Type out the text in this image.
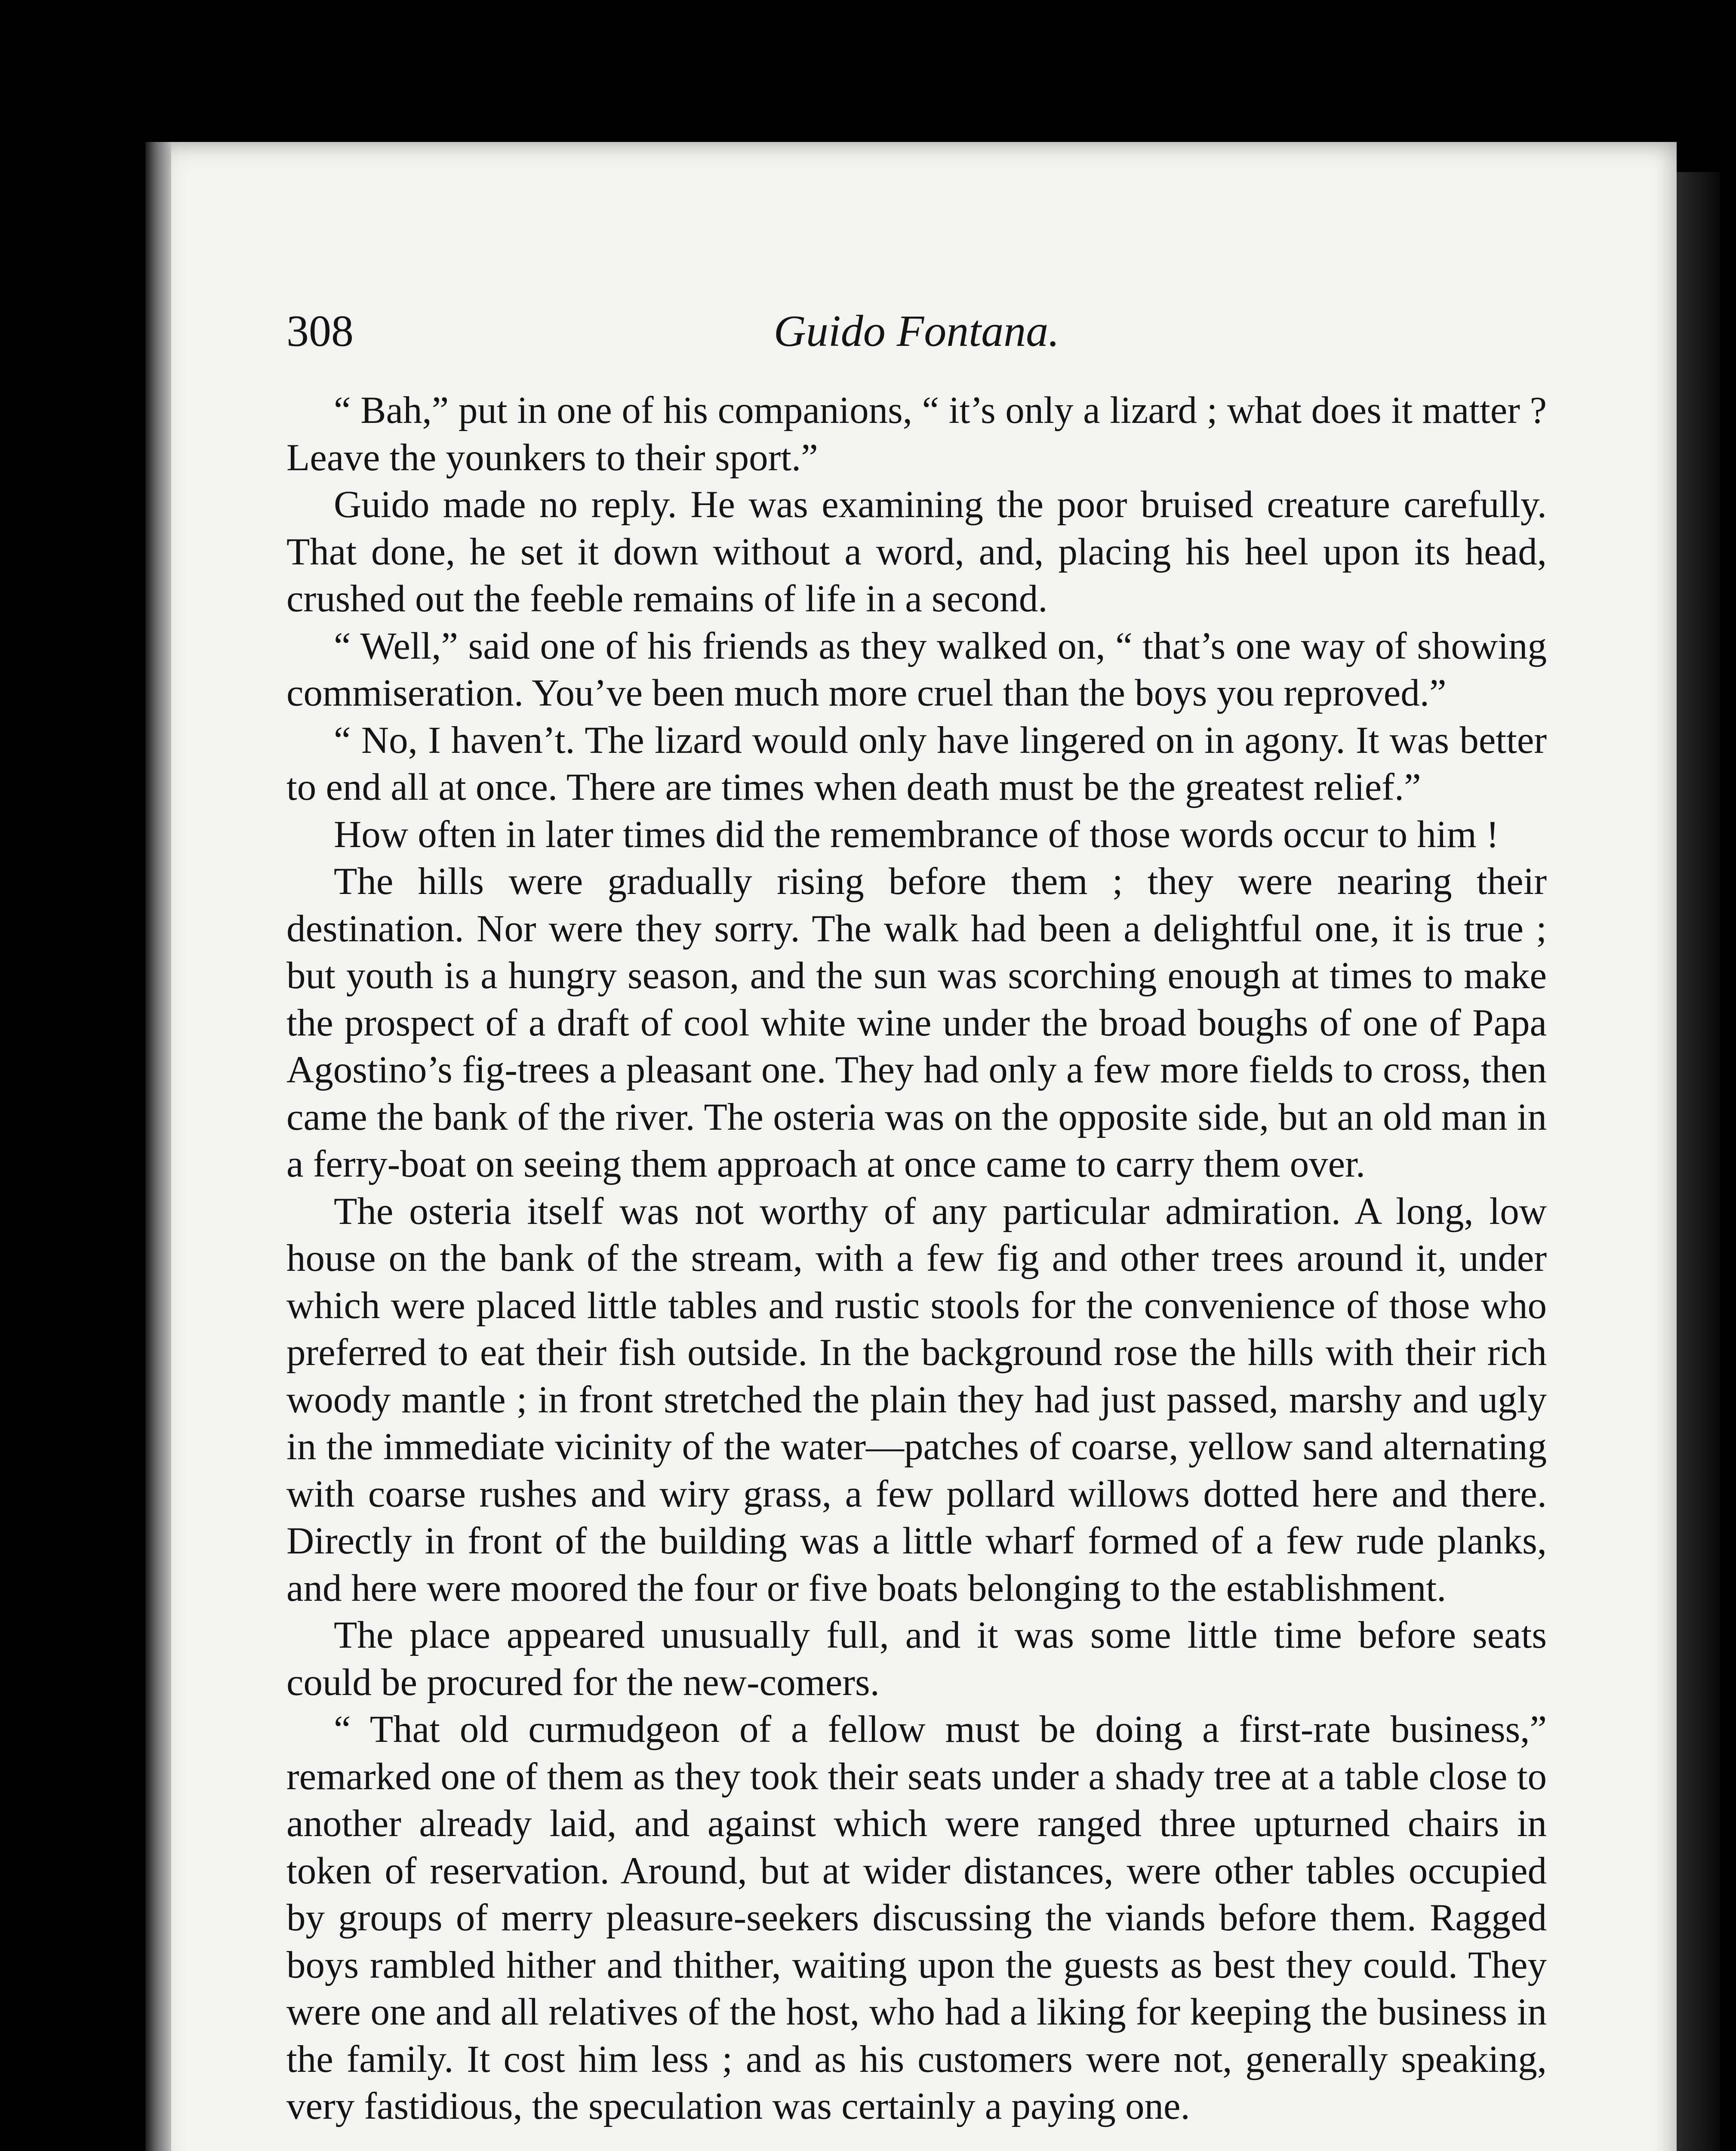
308	Guido Fontana.

“ Bah,” put in one of his companions, “ it’s only a lizard ; what does it matter ? Leave the younkers to their sport.”

Guido made no reply. He was examining the poor bruised creature carefully. That done, he set it down without a word, and, placing his heel upon its head, crushed out the feeble remains of life in a second.

“ Well,” said one of his friends as they walked on, “ that’s one way of showing commiseration. You’ve been much more cruel than the boys you reproved.”

“ No, I haven’t. The lizard would only have lingered on in agony. It was better to end all at once. There are times when death must be the greatest relief.”

How often in later times did the remembrance of those words occur to him !

The hills were gradually rising before them ; they were nearing their destination. Nor were they sorry. The walk had been a delightful one, it is true ; but youth is a hungry season, and the sun was scorching enough at times to make the prospect of a draft of cool white wine under the broad boughs of one of Papa Agostino’s fig-trees a pleasant one. They had only a few more fields to cross, then came the bank of the river. The osteria was on the opposite side, but an old man in a ferry-boat on seeing them approach at once came to carry them over.

The osteria itself was not worthy of any particular admiration. A long, low house on the bank of the stream, with a few fig and other trees around it, under which were placed little tables and rustic stools for the convenience of those who preferred to eat their fish outside. In the background rose the hills with their rich woody mantle ; in front stretched the plain they had just passed, marshy and ugly in the immediate vicinity of the water—patches of coarse, yellow sand alternating with coarse rushes and wiry grass, a few pollard willows dotted here and there. Directly in front of the building was a little wharf formed of a few rude planks, and here were moored the four or five boats belonging to the establishment.

The place appeared unusually full, and it was some little time before seats could be procured for the new-comers.

“ That old curmudgeon of a fellow must be doing a first-rate business,” remarked one of them as they took their seats under a shady tree at a table close to another already laid, and against which were ranged three upturned chairs in token of reservation. Around, but at wider distances, were other tables occupied by groups of merry pleasure-seekers discussing the viands before them. Ragged boys rambled hither and thither, waiting upon the guests as best they could. They were one and all relatives of the host, who had a liking for keeping the business in the family. It cost him less ; and as his customers were not, generally speaking, very fastidious, the speculation was certainly a paying one.
